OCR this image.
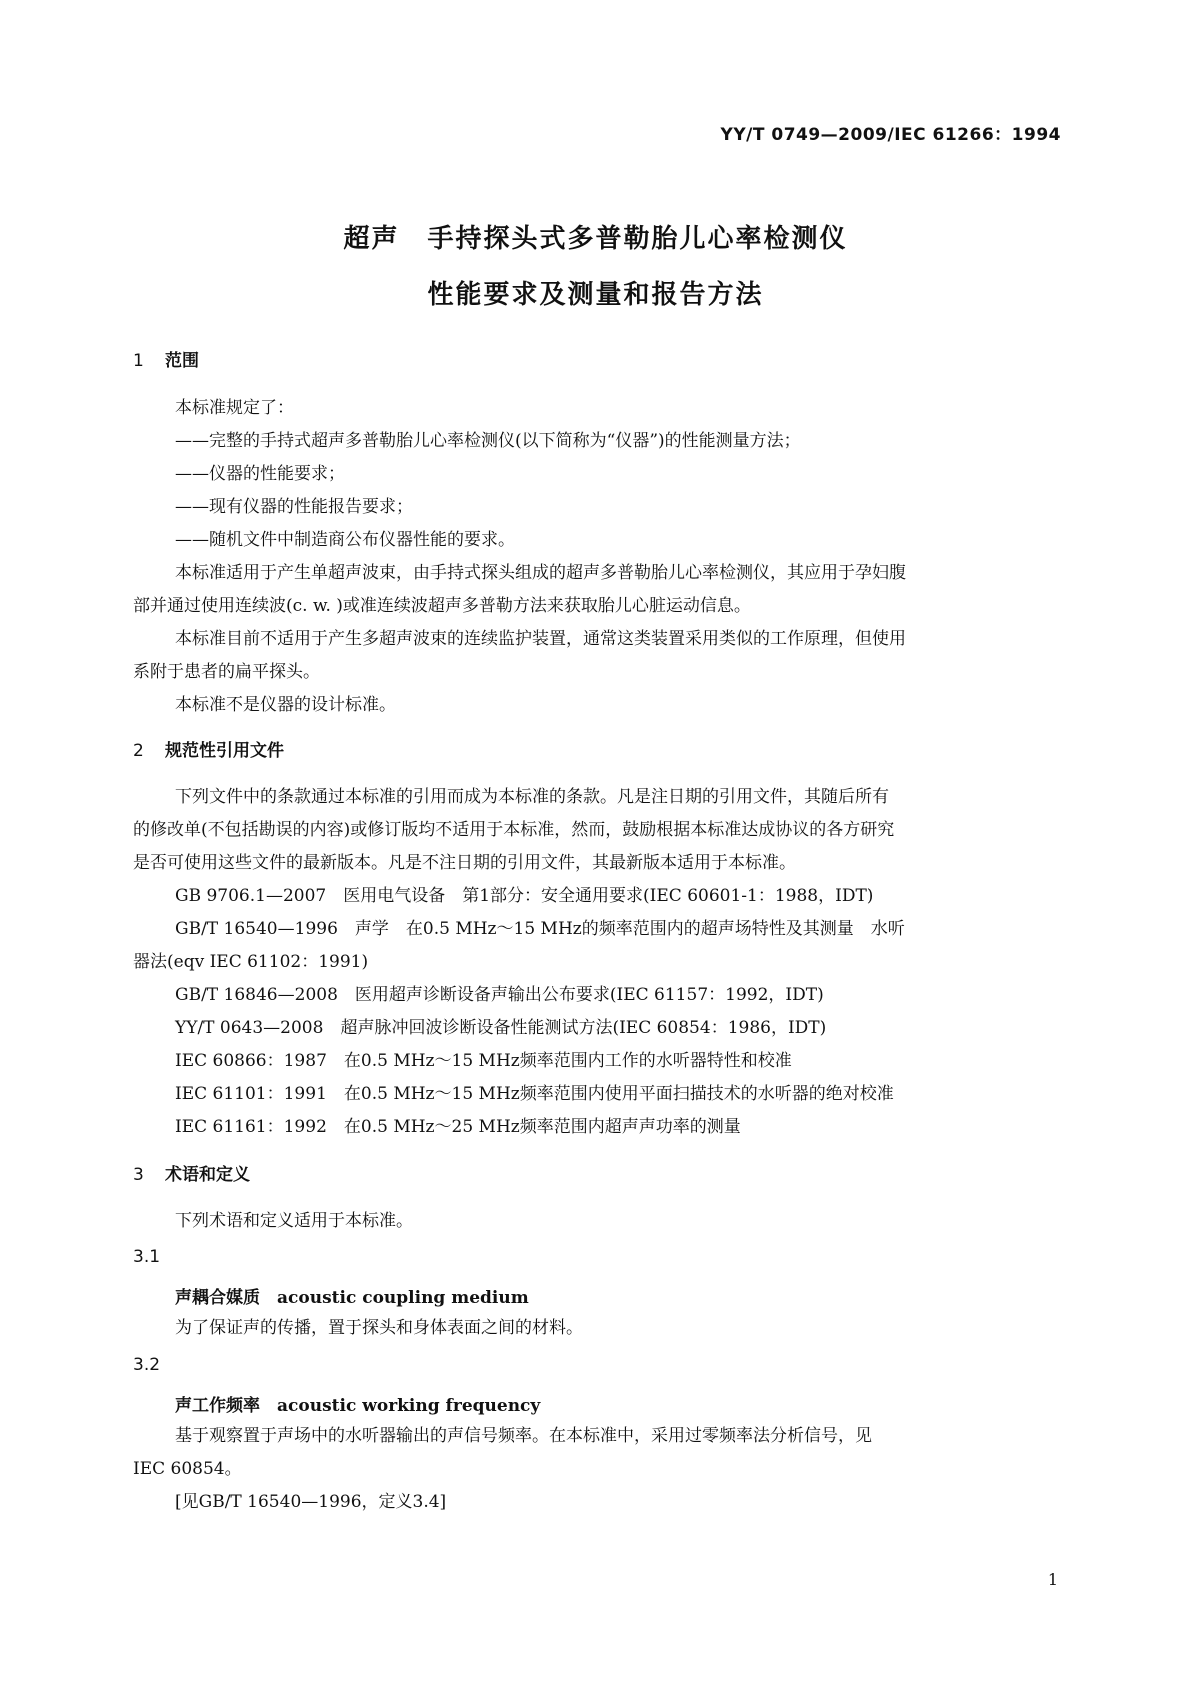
YY/T 0749—2009/IEC 61266：1994
超声　手持探头式多普勒胎儿心率检测仪
性能要求及测量和报告方法
1 范围
本标准规定了：
——完整的手持式超声多普勒胎儿心率检测仪(以下简称为“仪器”)的性能测量方法；
——仪器的性能要求；
——现有仪器的性能报告要求；
——随机文件中制造商公布仪器性能的要求。
本标准适用于产生单超声波束，由手持式探头组成的超声多普勒胎儿心率检测仪，其应用于孕妇腹
部并通过使用连续波(c. w. )或准连续波超声多普勒方法来获取胎儿心脏运动信息。
本标准目前不适用于产生多超声波束的连续监护装置，通常这类装置采用类似的工作原理，但使用
系附于患者的扁平探头。
本标准不是仪器的设计标准。
2 规范性引用文件
下列文件中的条款通过本标准的引用而成为本标准的条款。凡是注日期的引用文件，其随后所有
的修改单(不包括勘误的内容)或修订版均不适用于本标准，然而，鼓励根据本标准达成协议的各方研究
是否可使用这些文件的最新版本。凡是不注日期的引用文件，其最新版本适用于本标准。
GB 9706.1—2007　医用电气设备　第1部分：安全通用要求(IEC 60601-1：1988，IDT)
GB/T 16540—1996　声学　在0.5 MHz～15 MHz的频率范围内的超声场特性及其测量　水听
器法(eqv IEC 61102：1991)
GB/T 16846—2008　医用超声诊断设备声输出公布要求(IEC 61157：1992，IDT)
YY/T 0643—2008　超声脉冲回波诊断设备性能测试方法(IEC 60854：1986，IDT)
IEC 60866：1987　在0.5 MHz～15 MHz频率范围内工作的水听器特性和校准
IEC 61101：1991　在0.5 MHz～15 MHz频率范围内使用平面扫描技术的水听器的绝对校准
IEC 61161：1992　在0.5 MHz～25 MHz频率范围内超声声功率的测量
3 术语和定义
下列术语和定义适用于本标准。
3.1
声耦合媒质　 acoustic coupling medium
为了保证声的传播，置于探头和身体表面之间的材料。
3.2
声工作频率　 acoustic working frequency
基于观察置于声场中的水听器输出的声信号频率。在本标准中，采用过零频率法分析信号，见
IEC 60854。
[见GB/T 16540—1996，定义3.4]
1
